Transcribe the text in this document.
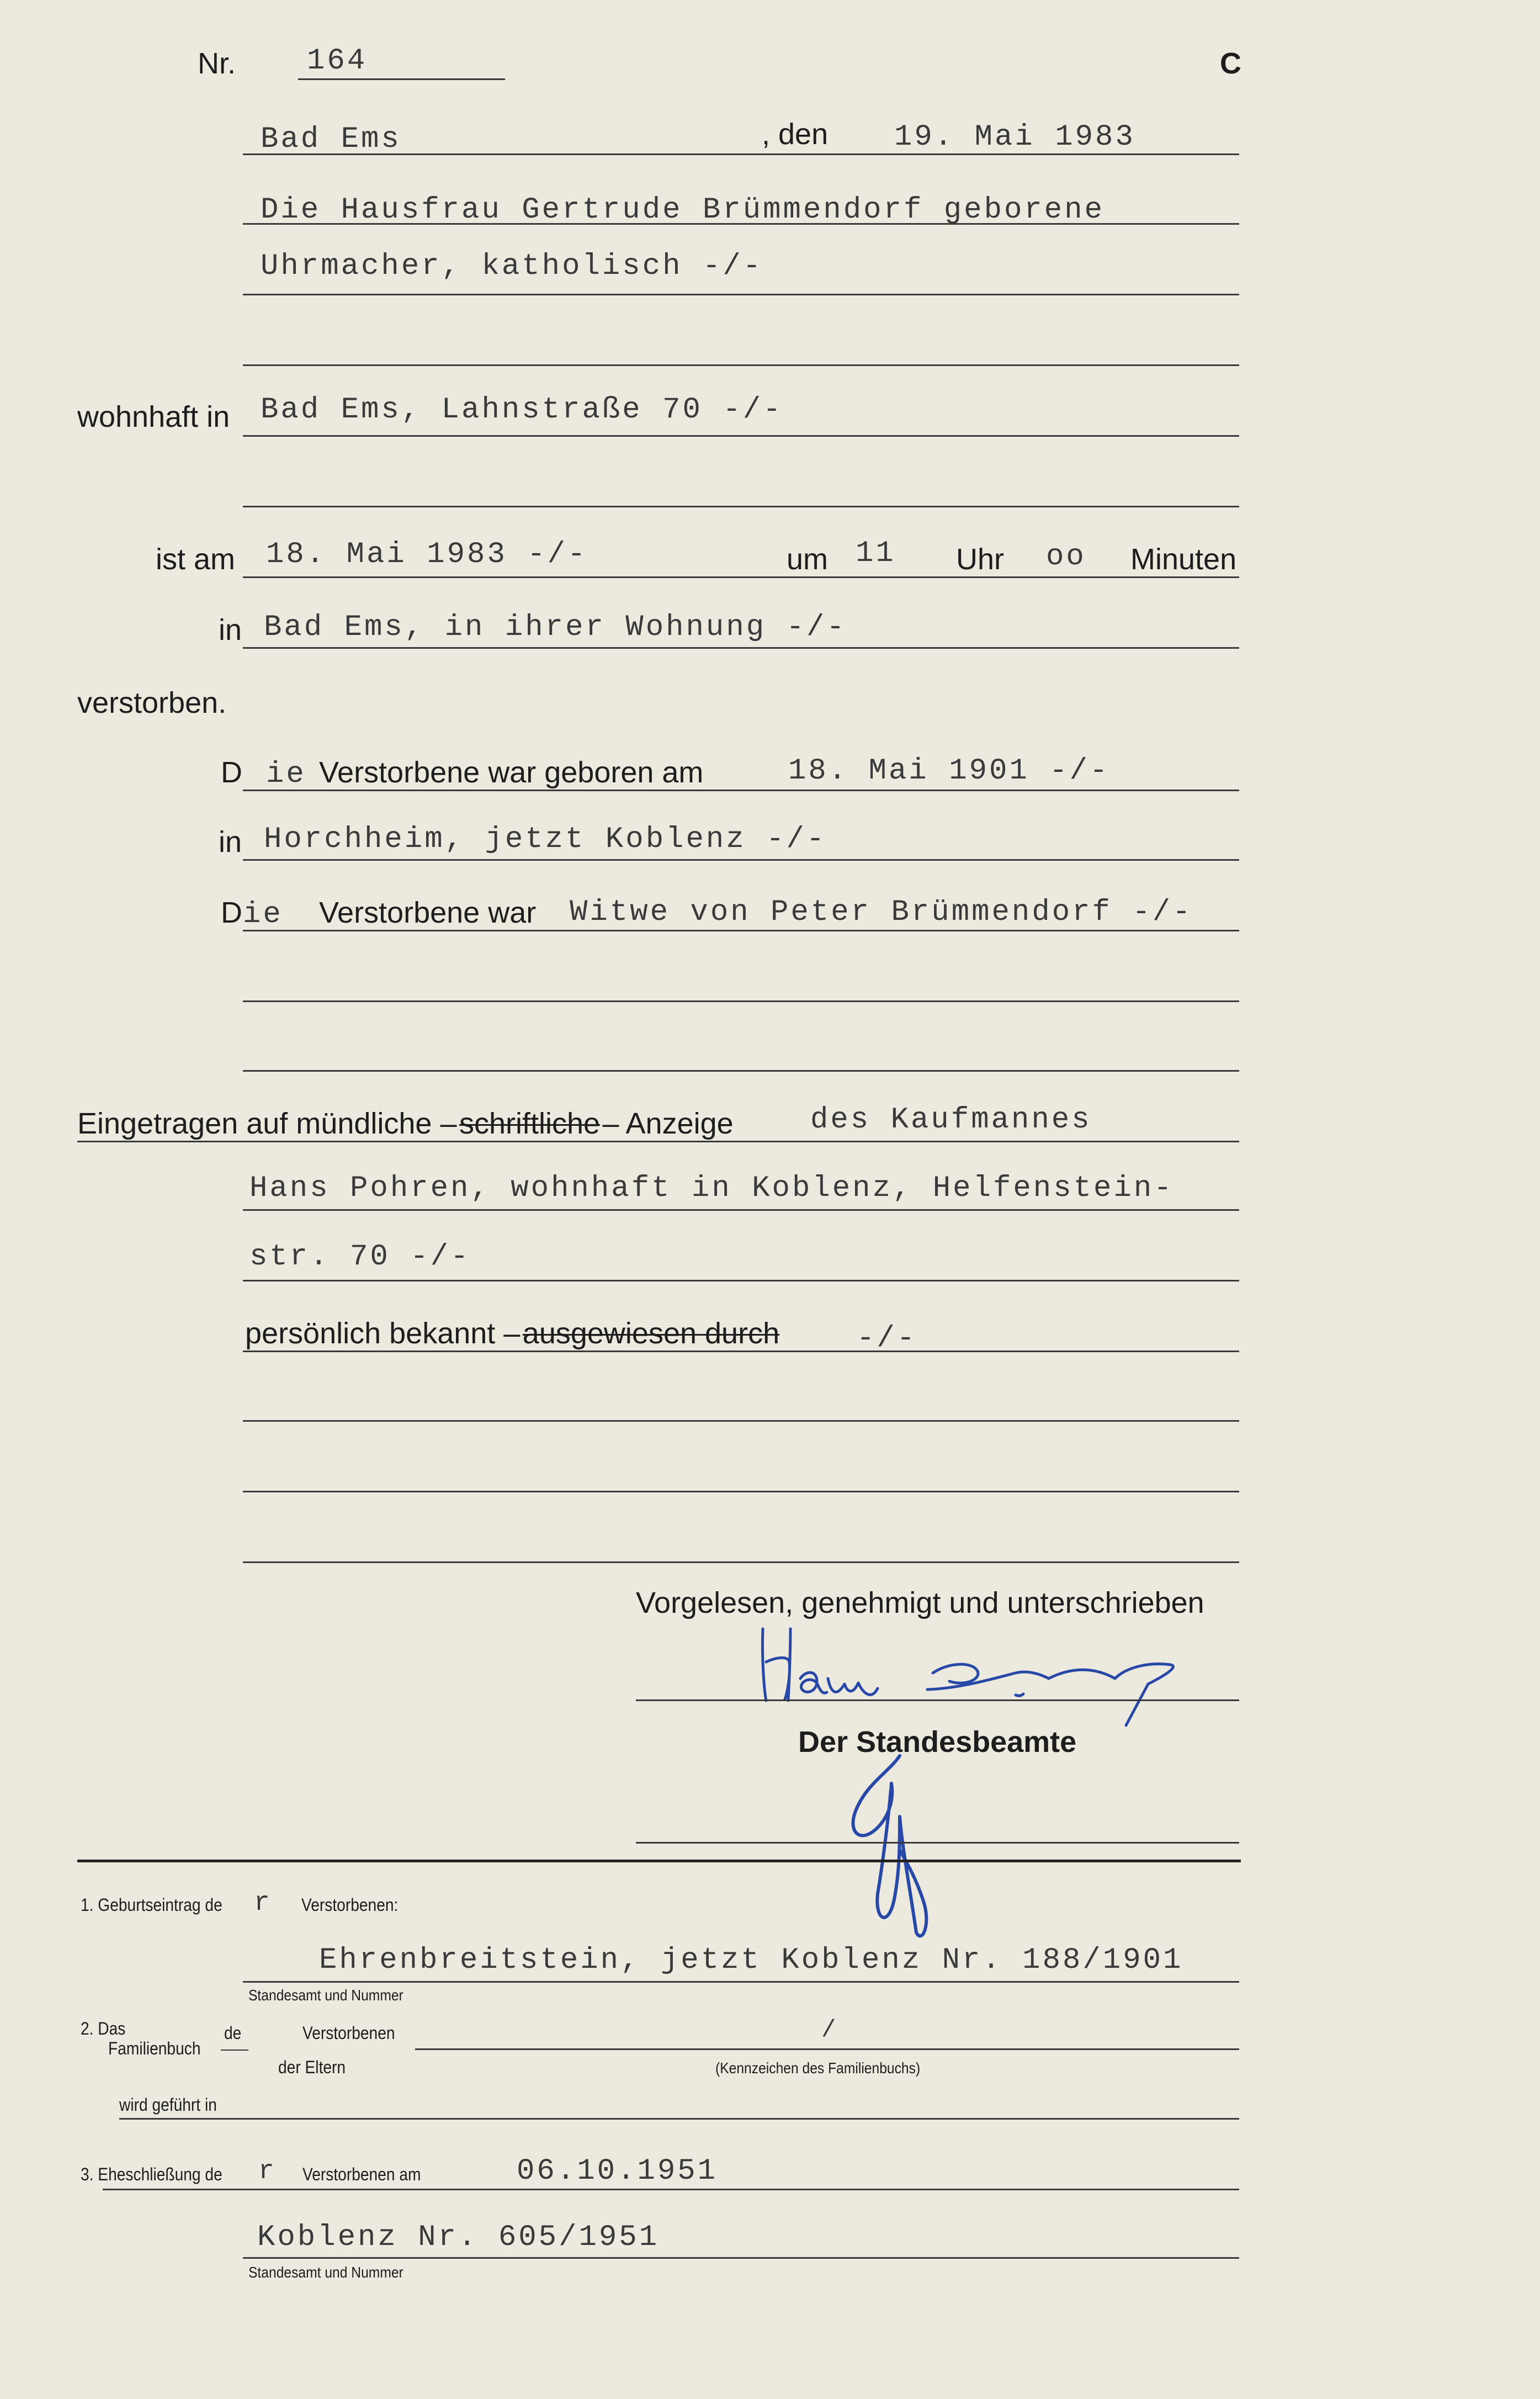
Nr. 164	C
Bad Ems	, den 19. Mai 1983
Die Hausfrau Gertrude Brümmendorf geborene
Uhrmacher, katholisch -/-
wohnhaft in Bad Ems, Lahnstraße 70 -/-
ist am 18. Mai 1983 -/-	um 11 Uhr oo Minuten
in Bad Ems, in ihrer Wohnung -/-
verstorben.
D ie Verstorbene war geboren am	18. Mai 1901 -/-
in Horchheim, jetzt Koblenz -/-
D ie Verstorbene war Witwe von Peter Brümmendorf -/-
Eingetragen auf mündliche – schriftliche – Anzeige	des Kaufmannes
Hans Pohren, wohnhaft in Koblenz, Helfenstein-
str. 70 -/-
persönlich bekannt – ausgewiesen durch	-/-
Vorgelesen, genehmigt und unterschrieben
Der Standesbeamte
1. Geburtseintrag de r Verstorbenen:
Ehrenbreitstein, jetzt Koblenz Nr. 188/1901
Standesamt und Nummer
2. Das
Familienbuch
de	Verstorbenen	/
der Eltern	(Kennzeichen des Familienbuchs)
wird geführt in
3. Eheschließung de r Verstorbenen am	06.10.1951
Koblenz Nr. 605/1951
Standesamt und Nummer
